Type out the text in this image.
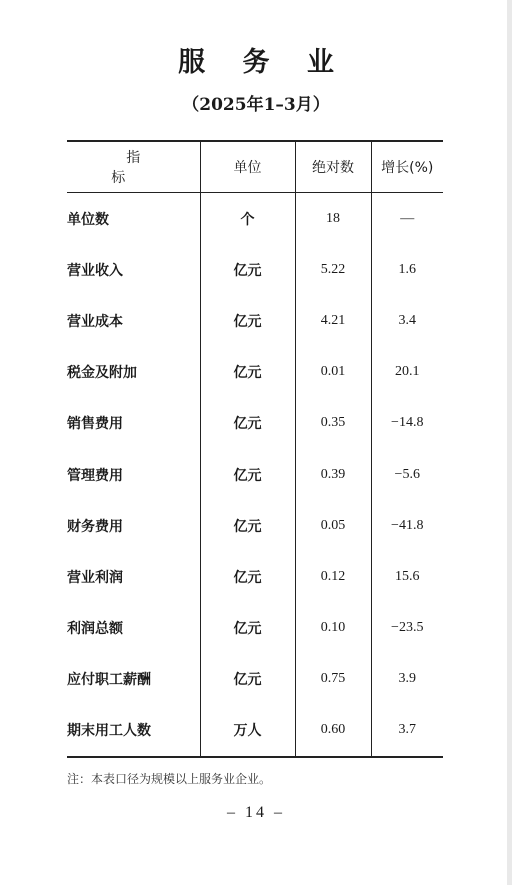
服 务 业
（2025年1–3月）
指 标	单位	绝对数	增长(%)
单位数	个	18	—
营业收入	亿元	5.22	1.6
营业成本	亿元	4.21	3.4
税金及附加	亿元	0.01	20.1
销售费用	亿元	0.35	−14.8
管理费用	亿元	0.39	−5.6
财务费用	亿元	0.05	−41.8
营业利润	亿元	0.12	15.6
利润总额	亿元	0.10	−23.5
应付职工薪酬	亿元	0.75	3.9
期末用工人数	万人	0.60	3.7
注：本表口径为规模以上服务业企业。
– 14 –
